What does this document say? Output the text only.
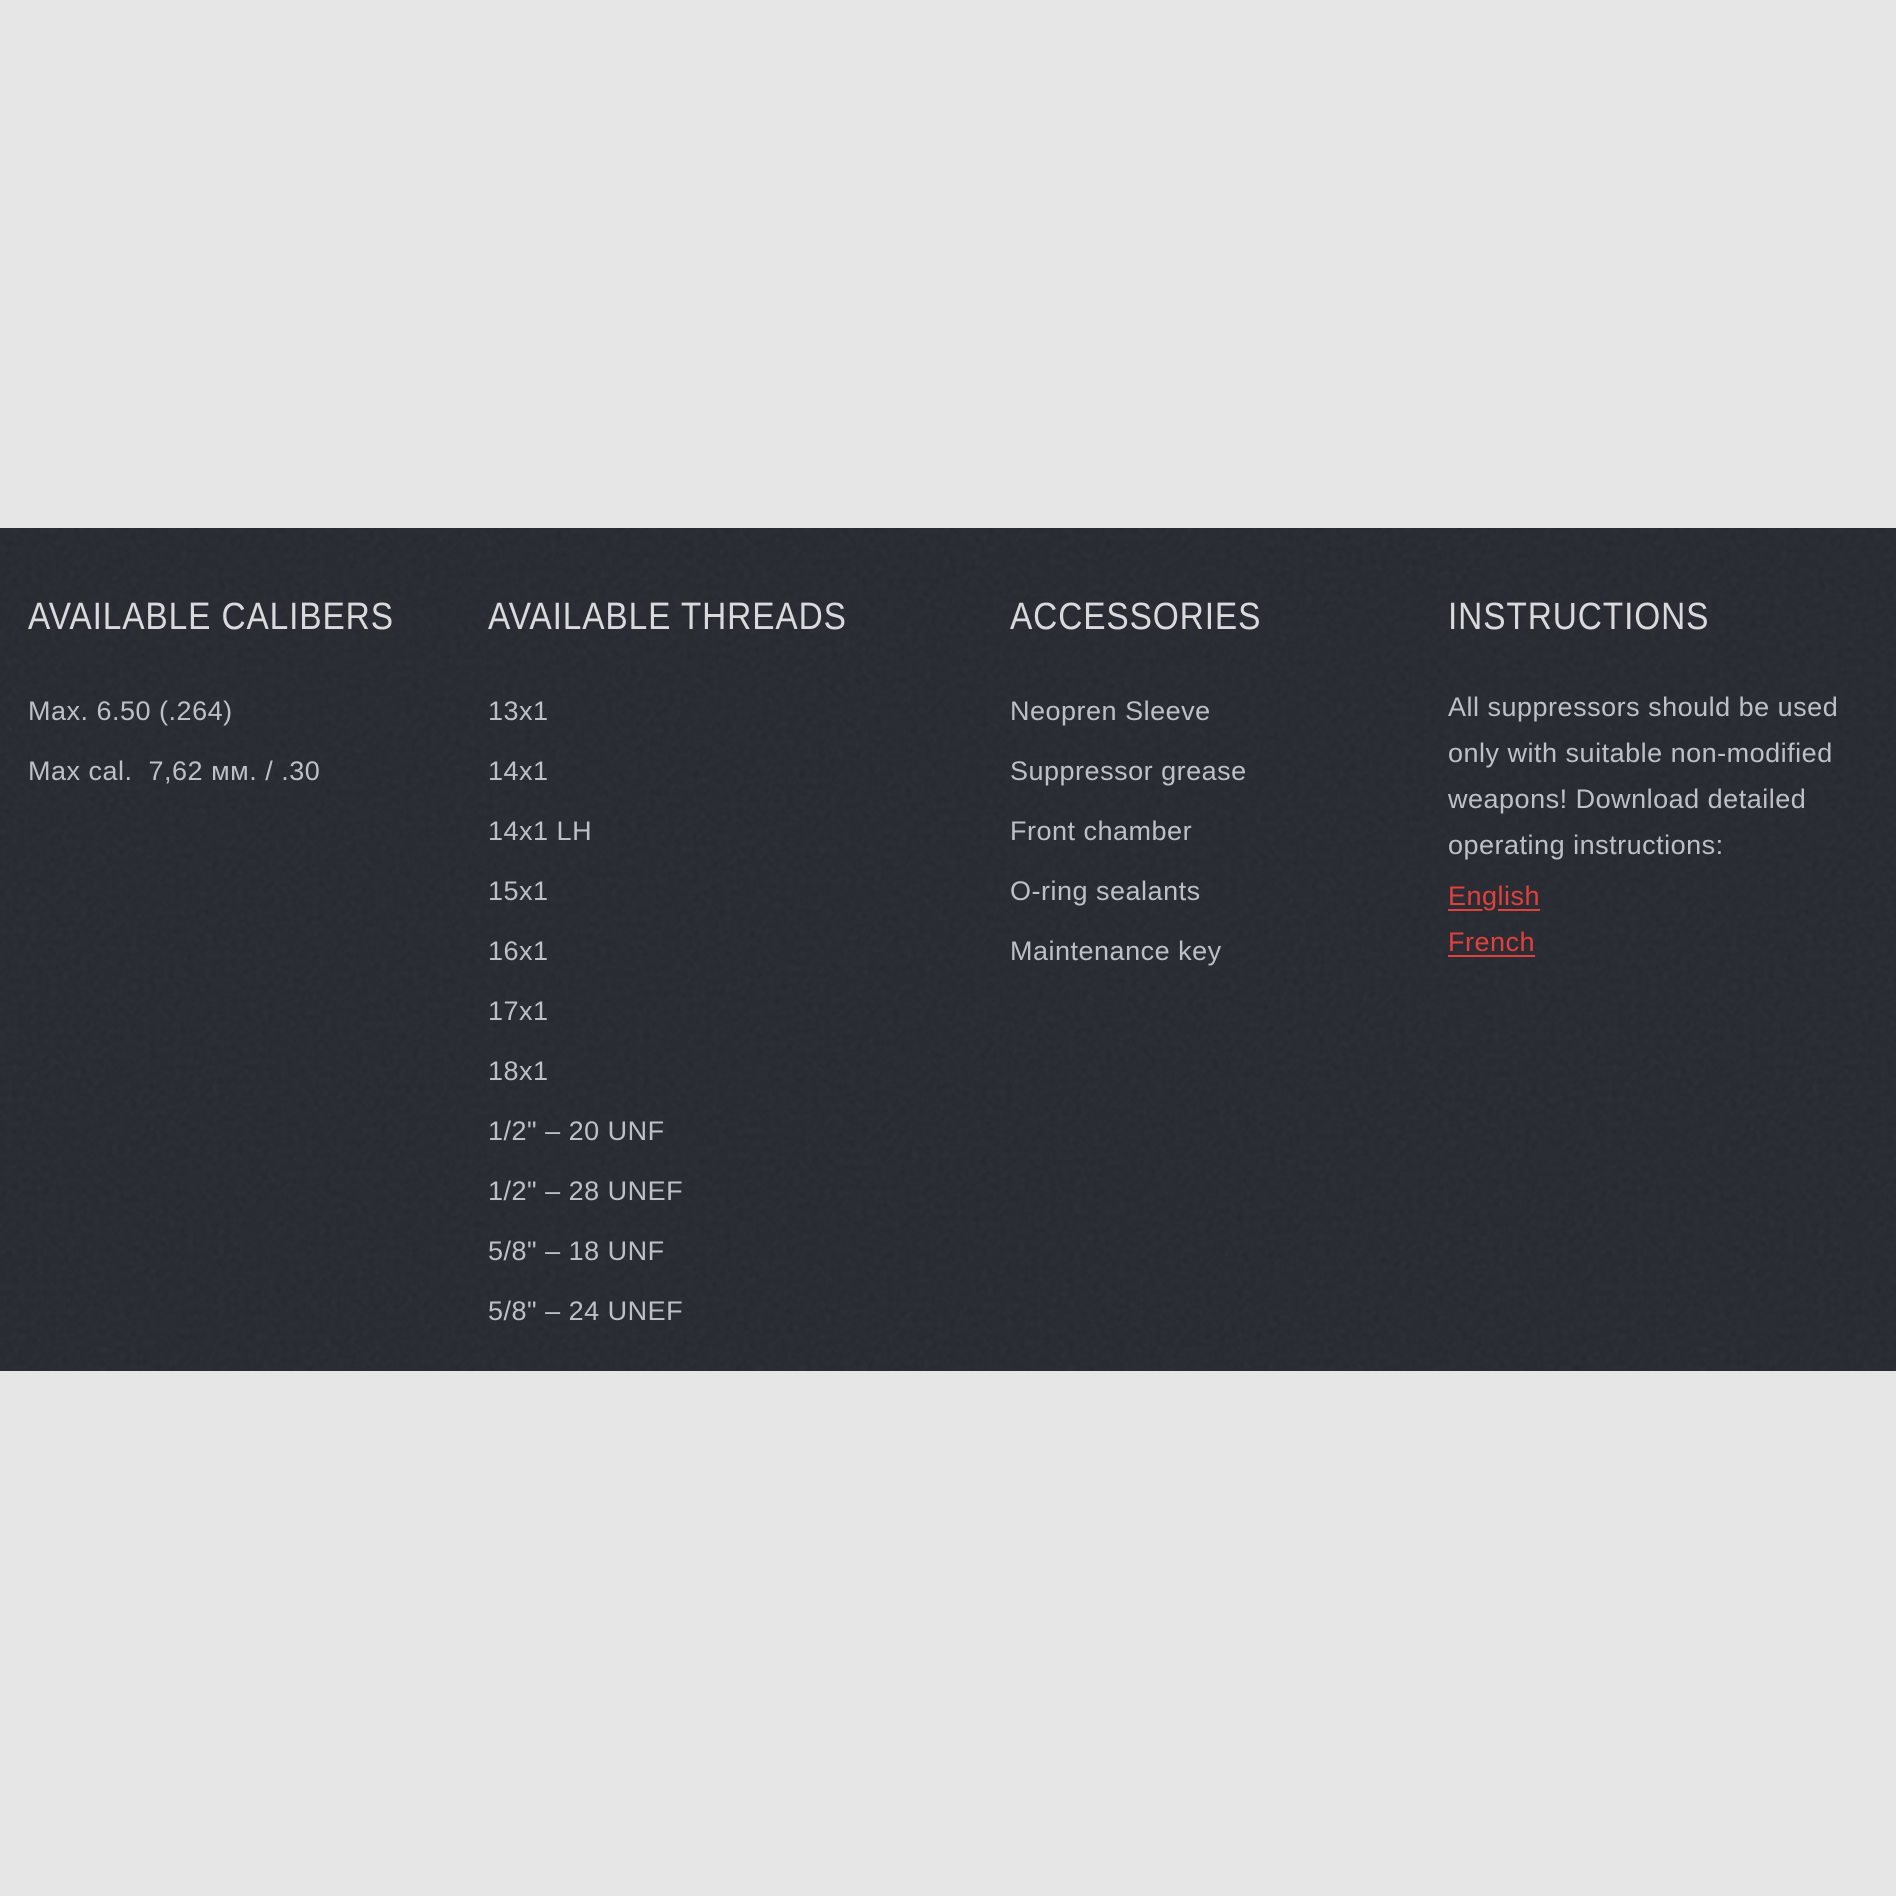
AVAILABLE CALIBERS
Max. 6.50 (.264)
Max cal.  7,62 мм. / .30
AVAILABLE THREADS
13x1
14x1
14x1 LH
15x1
16x1
17x1
18x1
1/2" – 20 UNF
1/2" – 28 UNEF
5/8" – 18 UNF
5/8" – 24 UNEF
ACCESSORIES
Neopren Sleeve
Suppressor grease
Front chamber
O-ring sealants
Maintenance key
INSTRUCTIONS
All suppressors should be used
only with suitable non-modified
weapons! Download detailed
operating instructions:
English
French
